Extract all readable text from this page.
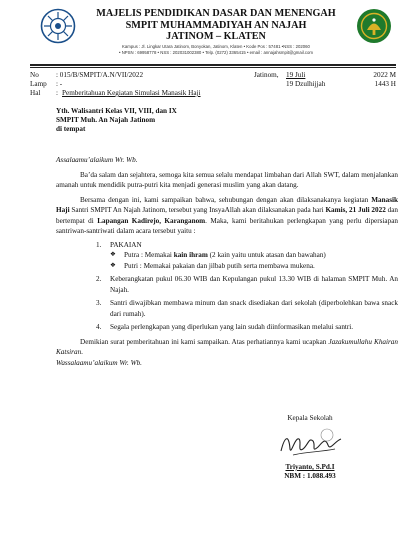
MAJELIS PENDIDIKAN DASAR DAN MENENGAH
SMPIT MUHAMMADIYAH AN NAJAH
JATINOM – KLATEN
Kampus : Jl. Lingkar Utara Jatinom, Bonyokan, Jatinom, Klaten • Kode Pos : 57481 •NSS : 202060
• NPSN : 69958778 • NSS : 202031002380 • Telp. (0272) 3365415 • email : annajahsmpit@gmail.com
No : 015/B/SMPIT/A.N/VII/2022
Lamp : -
Hal : Pemberitahuan Kegiatan Simulasi Manasik Haji
Jatinom, 19 Juli	2022 M
19 Dzulhijjah	1443 H
Yth. Walisantri Kelas VII, VIII, dan IX
SMPIT Muh. An Najah Jatinom
di tempat

Assalaamu’alaikum Wr. Wb.

Ba’da salam dan sejahtera, semoga kita semua selalu mendapat limbahan dari Allah SWT, dalam menjalankan amanah untuk mendidik putra-putri kita menjadi generasi muslim yang akan datang.

Bersama dengan ini, kami sampaikan bahwa, sehubungan dengan akan dilaksanakanya kegiatan Manasik Haji Santri SMPIT An Najah Jatinom, tersebut yang InsyaAllah akan dilaksanakan pada hari Kamis, 21 Juli 2022 dan bertempat di Lapangan Kadirejo, Karanganom. Maka, kami beritahukan perlengkapan yang perlu dipersiapan santriwan-santriwati dalam acara tersebut yaitu :

1.	PAKAIAN
❖	Putra : Memakai kain ihram (2 kain yaitu untuk atasan dan bawahan)
❖	Putri : Memakai pakaian dan jilbab putih serta membawa mukena.
2.	Keberangkatan pukul 06.30 WIB dan Kepulangan pukul 13.30 WIB di halaman SMPIT Muh. An Najah.
3.	Santri diwajibkan membawa minum dan snack disediakan dari sekolah (diperbolehkan bawa snack dari rumah).
4.	Segala perlengkapan yang diperlukan yang lain sudah diinformasikan melalui santri.

Demikian surat pemberitahuan ini kami sampaikan. Atas perhatiannya kami ucapkan Jazakumullahu Khairan Katsiran.

Wassalaamu’alaikum Wr. Wb.

Kepala Sekolah
Triyanto, S.Pd.I
NBM : 1.088.493
